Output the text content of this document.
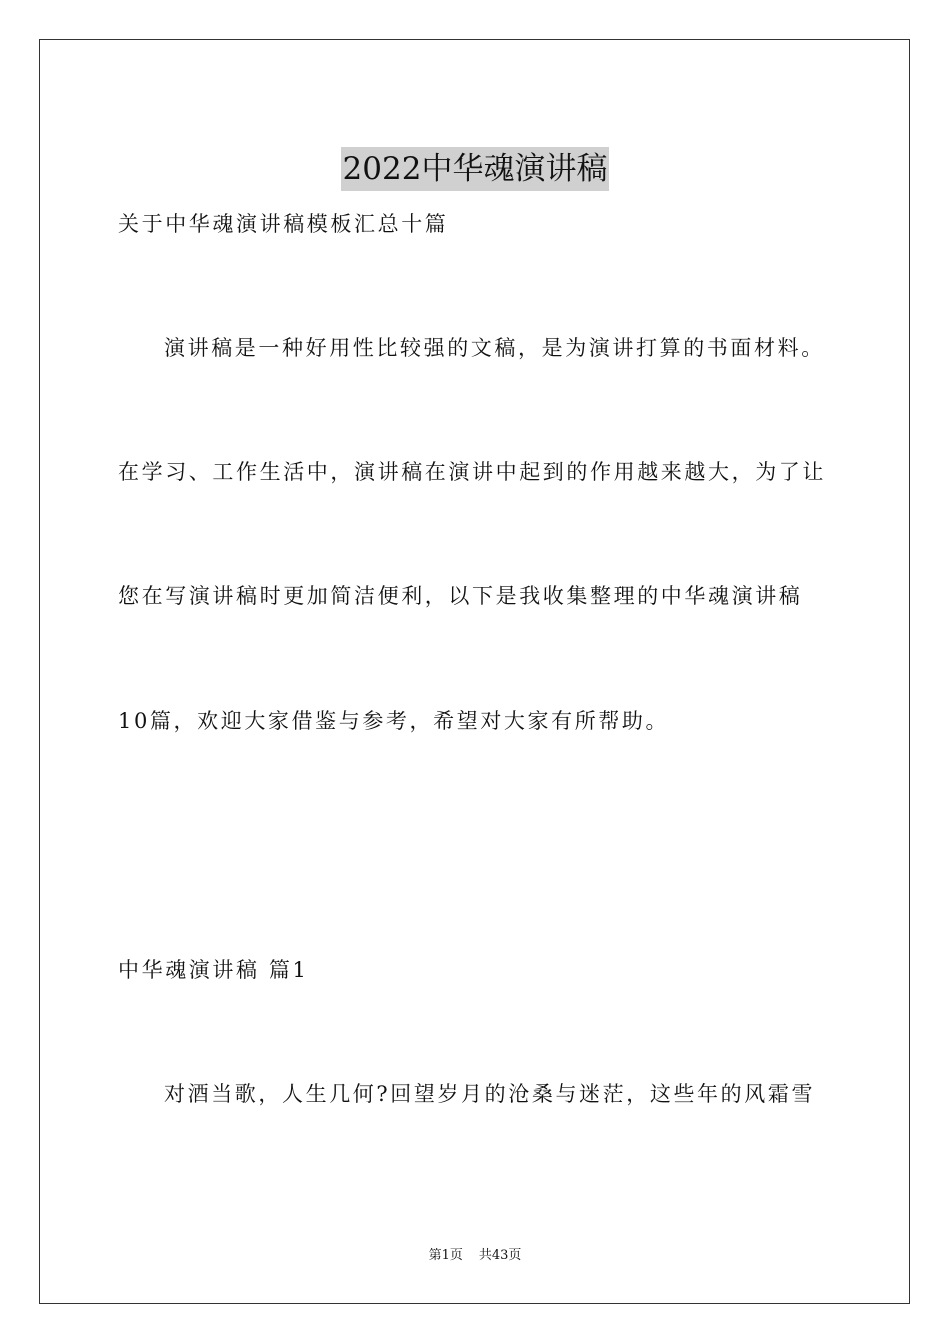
2022中华魂演讲稿
关于中华魂演讲稿模板汇总十篇
演讲稿是一种好用性比较强的文稿，是为演讲打算的书面材料。
在学习、工作生活中，演讲稿在演讲中起到的作用越来越大，为了让
您在写演讲稿时更加简洁便利，以下是我收集整理的中华魂演讲稿
10篇，欢迎大家借鉴与参考，希望对大家有所帮助。
中华魂演讲稿 篇1
对酒当歌，人生几何?回望岁月的沧桑与迷茫，这些年的风霜雪
第1页 共43页
